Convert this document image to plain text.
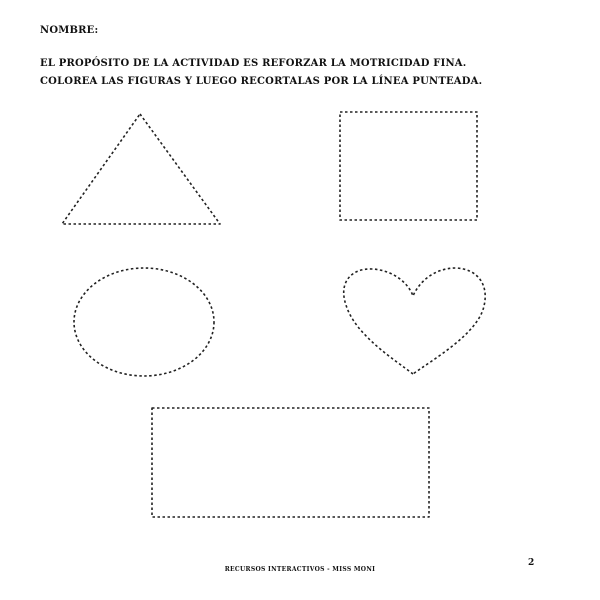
NOMBRE:
EL PROPÓSITO DE LA ACTIVIDAD ES REFORZAR LA MOTRICIDAD FINA.
COLOREA LAS FIGURAS Y LUEGO RECORTALAS POR LA LÍNEA PUNTEADA.
RECURSOS INTERACTIVOS - MISS MONI
2
